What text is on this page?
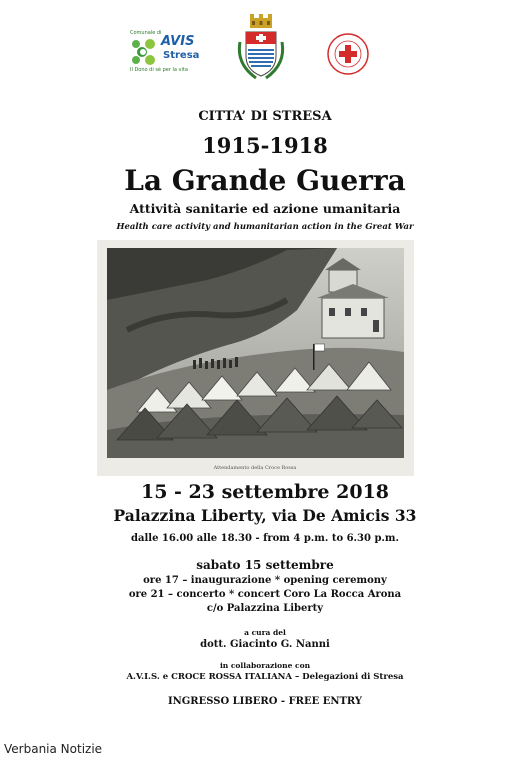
Comunale di
AVIS
Stresa
Il Dono di sé per la vita
CITTA’ DI STRESA
1915-1918
La Grande Guerra
Attività sanitarie ed azione umanitaria
Health care activity and humanitarian action in the Great War
Attendamento della Croce Rossa
15 - 23 settembre 2018
Palazzina Liberty, via De Amicis 33
dalle 16.00 alle 18.30 - from 4 p.m. to 6.30 p.m.
sabato 15 settembre
ore 17 – inaugurazione * opening ceremony
ore 21 – concerto * concert Coro La Rocca Arona
c/o Palazzina Liberty
a cura del
dott. Giacinto G. Nanni
in collaborazione con
A.V.I.S. e CROCE ROSSA ITALIANA – Delegazioni di Stresa
INGRESSO LIBERO - FREE ENTRY
Verbania Notizie
